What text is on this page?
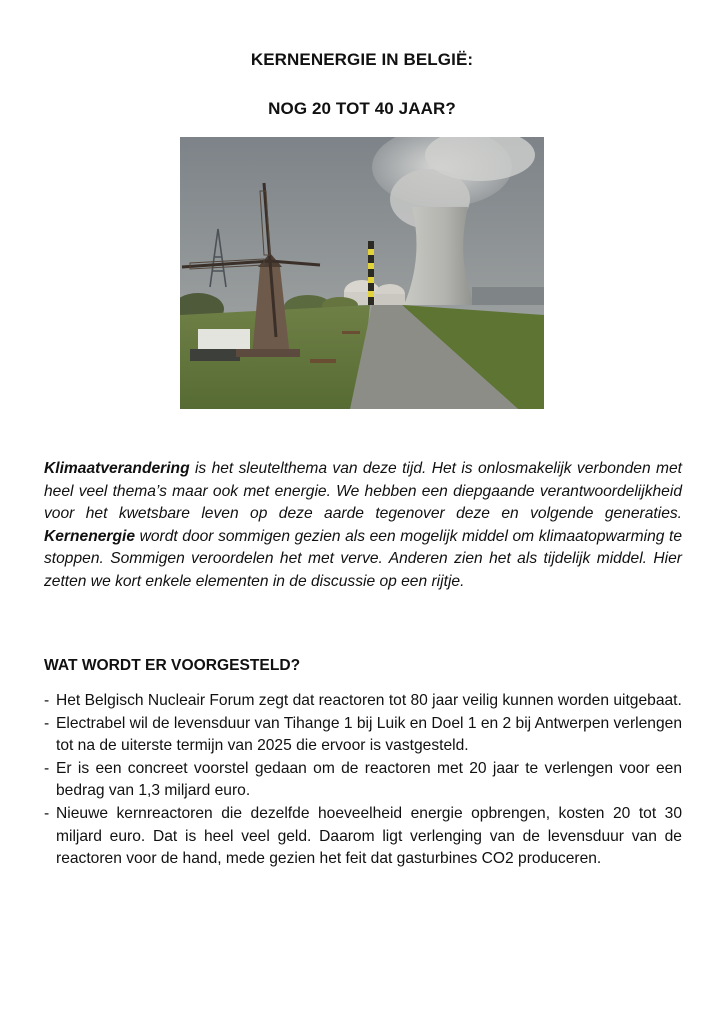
KERNENERGIE IN BELGIË:
NOG 20 TOT 40 JAAR?

Klimaatverandering is het sleutelthema van deze tijd. Het is onlosmakelijk verbonden met heel veel thema’s maar ook met energie. We hebben een diepgaande verantwoordelijkheid voor het kwetsbare leven op deze aarde tegenover deze en volgende generaties. Kernenergie wordt door sommigen gezien als een mogelijk middel om klimaatopwarming te stoppen. Sommigen veroordelen het met verve. Anderen zien het als tijdelijk middel. Hier zetten we kort enkele elementen in de discussie op een rijtje.

WAT WORDT ER VOORGESTELD?
- Het Belgisch Nucleair Forum zegt dat reactoren tot 80 jaar veilig kunnen worden uitgebaat.
- Electrabel wil de levensduur van Tihange 1 bij Luik en Doel 1 en 2 bij Antwerpen verlengen tot na de uiterste termijn van 2025 die ervoor is vastgesteld.
- Er is een concreet voorstel gedaan om de reactoren met 20 jaar te verlengen voor een bedrag van 1,3 miljard euro.
- Nieuwe kernreactoren die dezelfde hoeveelheid energie opbrengen, kosten 20 tot 30 miljard euro. Dat is heel veel geld. Daarom ligt verlenging van de levensduur van de reactoren voor de hand, mede gezien het feit dat gasturbines CO2 produceren.
